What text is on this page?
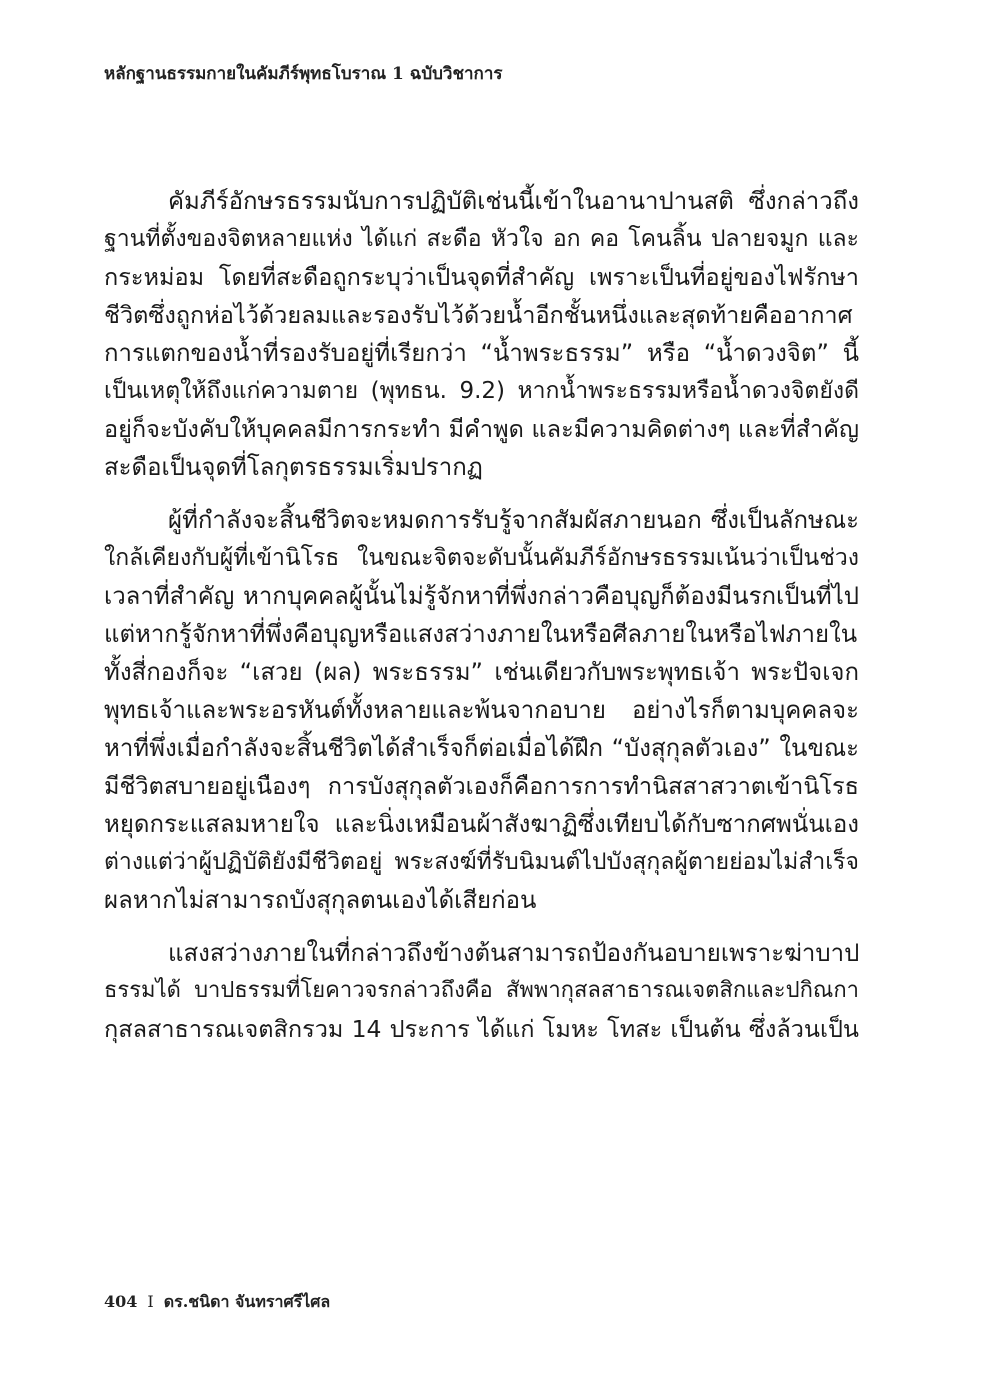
หลักฐานธรรมกายในคัมภีร์พุทธโบราณ 1 ฉบับวิชาการ
คัมภีร์อักษรธรรมนับการปฏิบัติเช่นนี้เข้าในอานาปานสติ ซึ่งกล่าวถึง
ฐานที่ตั้งของจิตหลายแห่ง ได้แก่ สะดือ หัวใจ อก คอ โคนลิ้น ปลายจมูก และ
กระหม่อม โดยที่สะดือถูกระบุว่าเป็นจุดที่สำคัญ เพราะเป็นที่อยู่ของไฟรักษา
ชีวิตซึ่งถูกห่อไว้ด้วยลมและรองรับไว้ด้วยน้ำอีกชั้นหนึ่งและสุดท้ายคืออากาศ
การแตกของน้ำที่รองรับอยู่ที่เรียกว่า “น้ำพระธรรม” หรือ “น้ำดวงจิต” นี้
เป็นเหตุให้ถึงแก่ความตาย (พุทธน. 9.2) หากน้ำพระธรรมหรือน้ำดวงจิตยังดี
อยู่ก็จะบังคับให้บุคคลมีการกระทำ มีคำพูด และมีความคิดต่างๆ และที่สำคัญ
สะดือเป็นจุดที่โลกุตรธรรมเริ่มปรากฏ
ผู้ที่กำลังจะสิ้นชีวิตจะหมดการรับรู้จากสัมผัสภายนอก ซึ่งเป็นลักษณะ
ใกล้เคียงกับผู้ที่เข้านิโรธ ในขณะจิตจะดับนั้นคัมภีร์อักษรธรรมเน้นว่าเป็นช่วง
เวลาที่สำคัญ หากบุคคลผู้นั้นไม่รู้จักหาที่พึ่งกล่าวคือบุญก็ต้องมีนรกเป็นที่ไป
แต่หากรู้จักหาที่พึ่งคือบุญหรือแสงสว่างภายในหรือศีลภายในหรือไฟภายใน
ทั้งสี่กองก็จะ “เสวย (ผล) พระธรรม” เช่นเดียวกับพระพุทธเจ้า พระปัจเจก
พุทธเจ้าและพระอรหันต์ทั้งหลายและพ้นจากอบาย อย่างไรก็ตามบุคคลจะ
หาที่พึ่งเมื่อกำลังจะสิ้นชีวิตได้สำเร็จก็ต่อเมื่อได้ฝึก “บังสุกุลตัวเอง” ในขณะ
มีชีวิตสบายอยู่เนืองๆ การบังสุกุลตัวเองก็คือการการทำนิสสาสวาตเข้านิโรธ
หยุดกระแสลมหายใจ และนิ่งเหมือนผ้าสังฆาฏิซึ่งเทียบได้กับซากศพนั่นเอง
ต่างแต่ว่าผู้ปฏิบัติยังมีชีวิตอยู่ พระสงฆ์ที่รับนิมนต์ไปบังสุกุลผู้ตายย่อมไม่สำเร็จ
ผลหากไม่สามารถบังสุกุลตนเองได้เสียก่อน
แสงสว่างภายในที่กล่าวถึงข้างต้นสามารถป้องกันอบายเพราะฆ่าบาป
ธรรมได้ บาปธรรมที่โยคาวจรกล่าวถึงคือ สัพพากุสลสาธารณเจตสิกและปกิณกา
กุสลสาธารณเจตสิกรวม 14 ประการ ได้แก่ โมหะ โทสะ เป็นต้น ซึ่งล้วนเป็น
404 I ดร.ชนิดา จันทราศรีไศล
